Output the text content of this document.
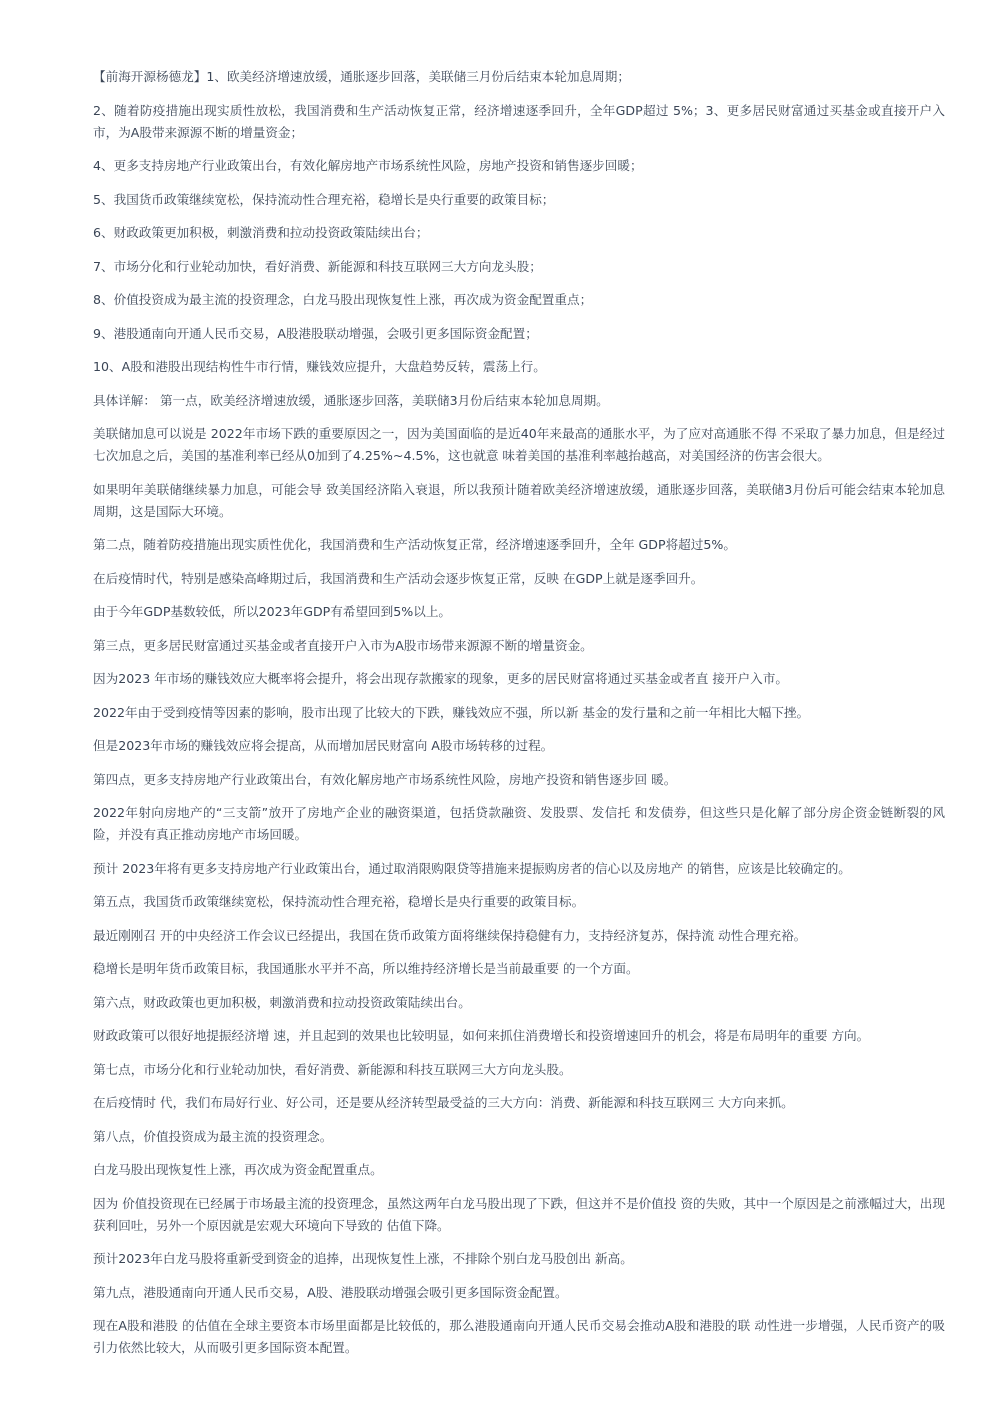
【前海开源杨德龙】1、欧美经济增速放缓，通胀逐步回落，美联储三月份后结束本轮加息周期；

2、随着防疫措施出现实质性放松，我国消费和生产活动恢复正常，经济增速逐季回升，全年GDP超过 5%；3、更多居民财富通过买基金或直接开户入市，为A股带来源源不断的增量资金；

4、更多支持房地产行业政策出台，有效化解房地产市场系统性风险，房地产投资和销售逐步回暖；

5、我国货币政策继续宽松，保持流动性合理充裕，稳增长是央行重要的政策目标；

6、财政政策更加积极，刺激消费和拉动投资政策陆续出台；

7、市场分化和行业轮动加快，看好消费、新能源和科技互联网三大方向龙头股；

8、价值投资成为最主流的投资理念，白龙马股出现恢复性上涨，再次成为资金配置重点；

9、港股通南向开通人民币交易，A股港股联动增强，会吸引更多国际资金配置；

10、A股和港股出现结构性牛市行情，赚钱效应提升，大盘趋势反转，震荡上行。

具体详解： 第一点，欧美经济增速放缓，通胀逐步回落，美联储3月份后结束本轮加息周期。

美联储加息可以说是 2022年市场下跌的重要原因之一，因为美国面临的是近40年来最高的通胀水平，为了应对高通胀不得 不采取了暴力加息，但是经过七次加息之后，美国的基准利率已经从0加到了4.25%~4.5%，这也就意 味着美国的基准利率越抬越高，对美国经济的伤害会很大。

如果明年美联储继续暴力加息，可能会导 致美国经济陷入衰退，所以我预计随着欧美经济增速放缓，通胀逐步回落，美联储3月份后可能会结束本轮加息周期，这是国际大环境。

第二点，随着防疫措施出现实质性优化，我国消费和生产活动恢复正常，经济增速逐季回升，全年 GDP将超过5%。

在后疫情时代，特别是感染高峰期过后，我国消费和生产活动会逐步恢复正常，反映 在GDP上就是逐季回升。

由于今年GDP基数较低，所以2023年GDP有希望回到5%以上。

第三点，更多居民财富通过买基金或者直接开户入市为A股市场带来源源不断的增量资金。

因为2023 年市场的赚钱效应大概率将会提升，将会出现存款搬家的现象，更多的居民财富将通过买基金或者直 接开户入市。

2022年由于受到疫情等因素的影响，股市出现了比较大的下跌，赚钱效应不强，所以新 基金的发行量和之前一年相比大幅下挫。

但是2023年市场的赚钱效应将会提高，从而增加居民财富向 A股市场转移的过程。

第四点，更多支持房地产行业政策出台，有效化解房地产市场系统性风险，房地产投资和销售逐步回 暖。

2022年射向房地产的“三支箭”放开了房地产企业的融资渠道，包括贷款融资、发股票、发信托 和发债券，但这些只是化解了部分房企资金链断裂的风险，并没有真正推动房地产市场回暖。

预计 2023年将有更多支持房地产行业政策出台，通过取消限购限贷等措施来提振购房者的信心以及房地产 的销售，应该是比较确定的。

第五点，我国货币政策继续宽松，保持流动性合理充裕，稳增长是央行重要的政策目标。

最近刚刚召 开的中央经济工作会议已经提出，我国在货币政策方面将继续保持稳健有力，支持经济复苏，保持流 动性合理充裕。

稳增长是明年货币政策目标，我国通胀水平并不高，所以维持经济增长是当前最重要 的一个方面。

第六点，财政政策也更加积极，刺激消费和拉动投资政策陆续出台。

财政政策可以很好地提振经济增 速，并且起到的效果也比较明显，如何来抓住消费增长和投资增速回升的机会，将是布局明年的重要 方向。

第七点，市场分化和行业轮动加快，看好消费、新能源和科技互联网三大方向龙头股。

在后疫情时 代，我们布局好行业、好公司，还是要从经济转型最受益的三大方向：消费、新能源和科技互联网三 大方向来抓。

第八点，价值投资成为最主流的投资理念。

白龙马股出现恢复性上涨，再次成为资金配置重点。

因为 价值投资现在已经属于市场最主流的投资理念，虽然这两年白龙马股出现了下跌，但这并不是价值投 资的失败，其中一个原因是之前涨幅过大，出现获利回吐，另外一个原因就是宏观大环境向下导致的 估值下降。

预计2023年白龙马股将重新受到资金的追捧，出现恢复性上涨，不排除个别白龙马股创出 新高。

第九点，港股通南向开通人民币交易，A股、港股联动增强会吸引更多国际资金配置。

现在A股和港股 的估值在全球主要资本市场里面都是比较低的，那么港股通南向开通人民币交易会推动A股和港股的联 动性进一步增强，人民币资产的吸引力依然比较大，从而吸引更多国际资本配置。
